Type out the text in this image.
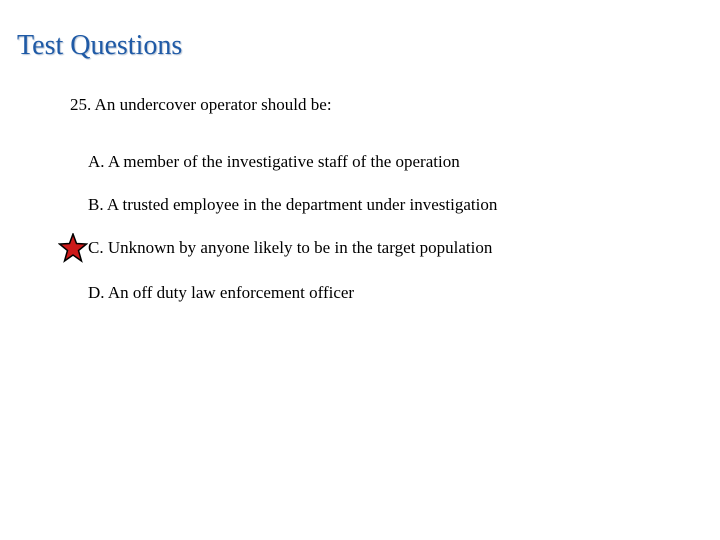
Test Questions
25. An undercover operator should be:
A. A member of the investigative staff of the operation
B. A trusted employee in the department under investigation
C. Unknown by anyone likely to be in the target population
D. An off duty law enforcement officer
